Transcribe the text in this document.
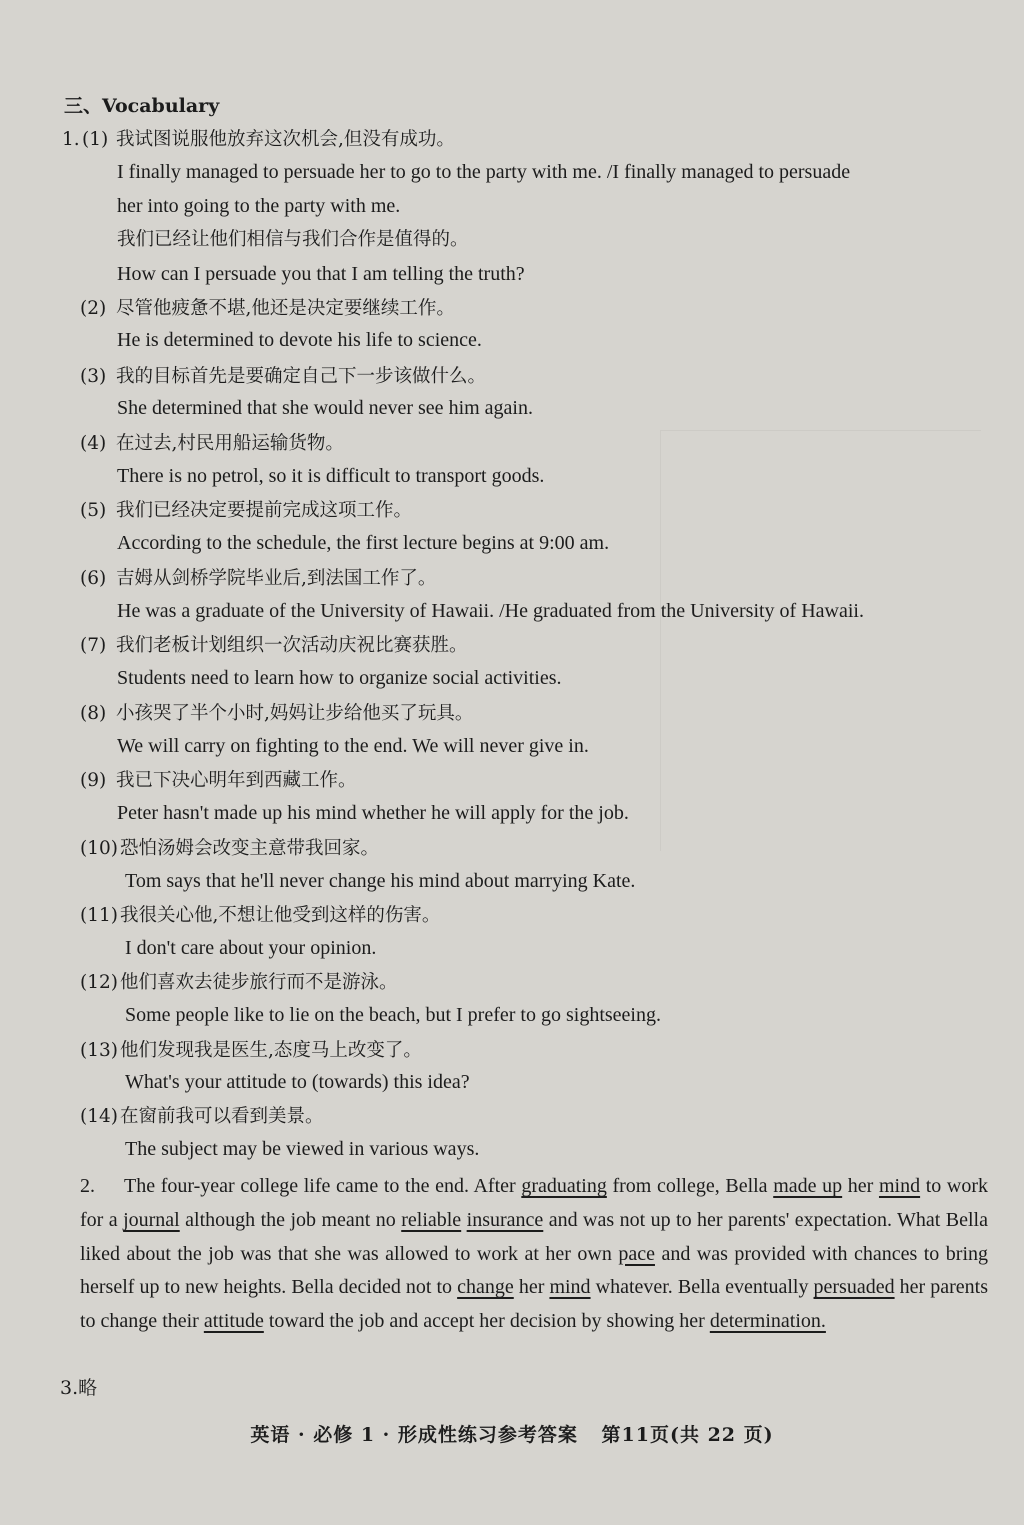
三、Vocabulary
1. (1) 我试图说服他放弃这次机会,但没有成功。
I finally managed to persuade her to go to the party with me. /I finally managed to persuade
her into going to the party with me.
我们已经让他们相信与我们合作是值得的。
How can I persuade you that I am telling the truth?
(2) 尽管他疲惫不堪,他还是决定要继续工作。
He is determined to devote his life to science.
(3) 我的目标首先是要确定自己下一步该做什么。
She determined that she would never see him again.
(4) 在过去,村民用船运输货物。
There is no petrol, so it is difficult to transport goods.
(5) 我们已经决定要提前完成这项工作。
According to the schedule, the first lecture begins at 9:00 am.
(6) 吉姆从剑桥学院毕业后,到法国工作了。
He was a graduate of the University of Hawaii. /He graduated from the University of Hawaii.
(7) 我们老板计划组织一次活动庆祝比赛获胜。
Students need to learn how to organize social activities.
(8) 小孩哭了半个小时,妈妈让步给他买了玩具。
We will carry on fighting to the end. We will never give in.
(9) 我已下决心明年到西藏工作。
Peter hasn't made up his mind whether he will apply for the job.
(10) 恐怕汤姆会改变主意带我回家。
Tom says that he'll never change his mind about marrying Kate.
(11) 我很关心他,不想让他受到这样的伤害。
I don't care about your opinion.
(12) 他们喜欢去徒步旅行而不是游泳。
Some people like to lie on the beach, but I prefer to go sightseeing.
(13) 他们发现我是医生,态度马上改变了。
What's your attitude to (towards) this idea?
(14) 在窗前我可以看到美景。
The subject may be viewed in various ways.
2. The four-year college life came to the end. After graduating from college, Bella made up her mind to work for a journal although the job meant no reliable insurance and was not up to her parents' expectation. What Bella liked about the job was that she was allowed to work at her own pace and was provided with chances to bring herself up to new heights. Bella decided not to change her mind whatever. Bella eventually persuaded her parents to change their attitude toward the job and accept her decision by showing her determination.
3.略
英语 · 必修 1 · 形成性练习参考答案 第11页(共 22 页)
